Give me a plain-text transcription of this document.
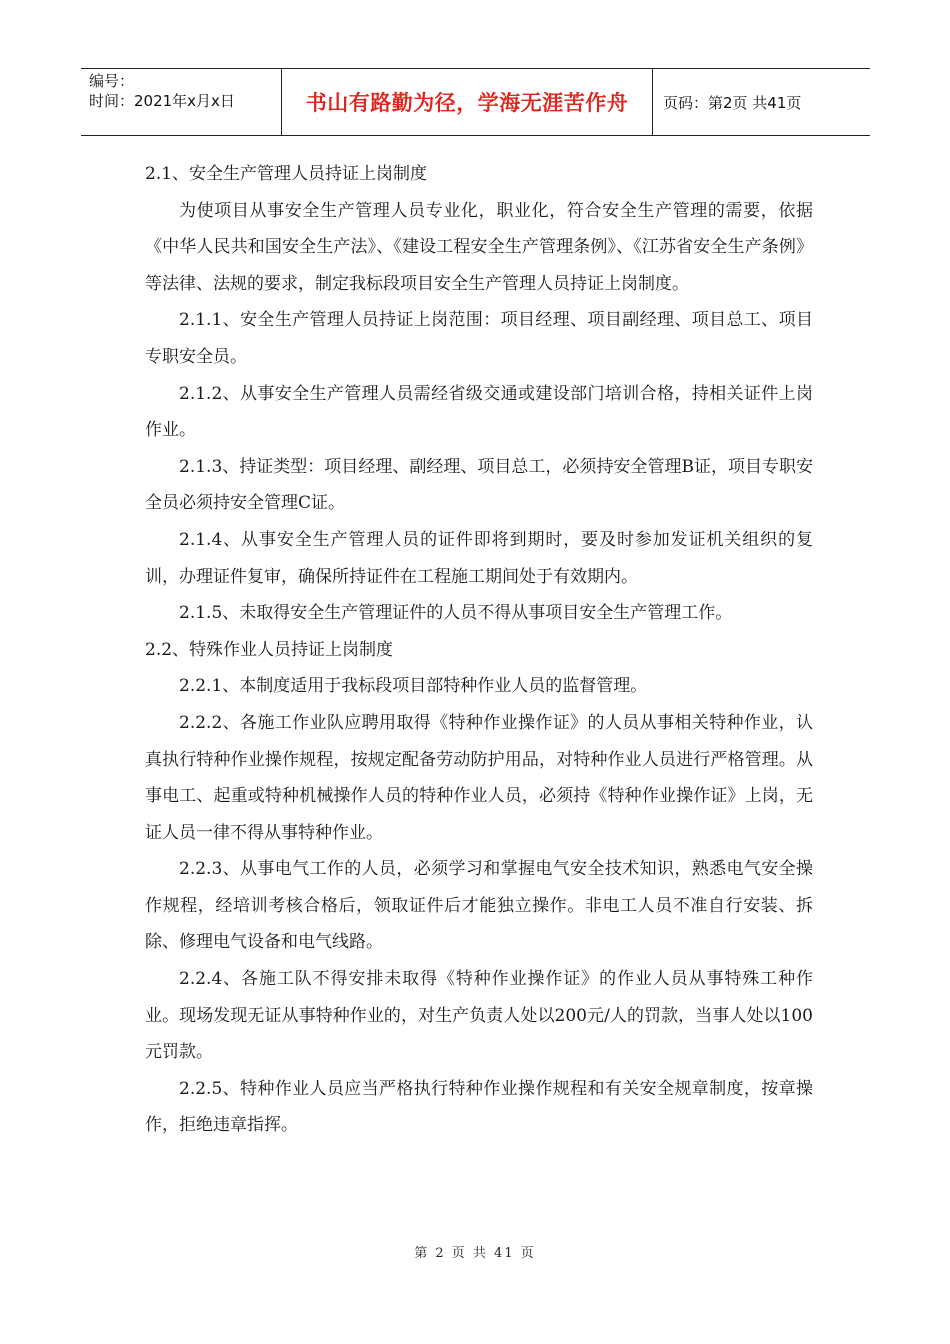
编号：
时间：2021年x月x日	书山有路勤为径，学海无涯苦作舟	页码：第2页 共41页

2.1、安全生产管理人员持证上岗制度

为使项目从事安全生产管理人员专业化，职业化，符合安全生产管理的需要，依据《中华人民共和国安全生产法》、《建设工程安全生产管理条例》、《江苏省安全生产条例》等法律、法规的要求，制定我标段项目安全生产管理人员持证上岗制度。

2.1.1、安全生产管理人员持证上岗范围：项目经理、项目副经理、项目总工、项目专职安全员。

2.1.2、从事安全生产管理人员需经省级交通或建设部门培训合格，持相关证件上岗作业。

2.1.3、持证类型：项目经理、副经理、项目总工，必须持安全管理B证，项目专职安全员必须持安全管理C证。

2.1.4、从事安全生产管理人员的证件即将到期时，要及时参加发证机关组织的复训，办理证件复审，确保所持证件在工程施工期间处于有效期内。

2.1.5、未取得安全生产管理证件的人员不得从事项目安全生产管理工作。

2.2、特殊作业人员持证上岗制度

2.2.1、本制度适用于我标段项目部特种作业人员的监督管理。

2.2.2、各施工作业队应聘用取得《特种作业操作证》的人员从事相关特种作业，认真执行特种作业操作规程，按规定配备劳动防护用品，对特种作业人员进行严格管理。从事电工、起重或特种机械操作人员的特种作业人员，必须持《特种作业操作证》上岗，无证人员一律不得从事特种作业。

2.2.3、从事电气工作的人员，必须学习和掌握电气安全技术知识，熟悉电气安全操作规程，经培训考核合格后，领取证件后才能独立操作。非电工人员不准自行安装、拆除、修理电气设备和电气线路。

2.2.4、各施工队不得安排未取得《特种作业操作证》的作业人员从事特殊工种作业。现场发现无证从事特种作业的，对生产负责人处以200元/人的罚款，当事人处以100元罚款。

2.2.5、特种作业人员应当严格执行特种作业操作规程和有关安全规章制度，按章操作，拒绝违章指挥。

第 2 页 共 41 页
